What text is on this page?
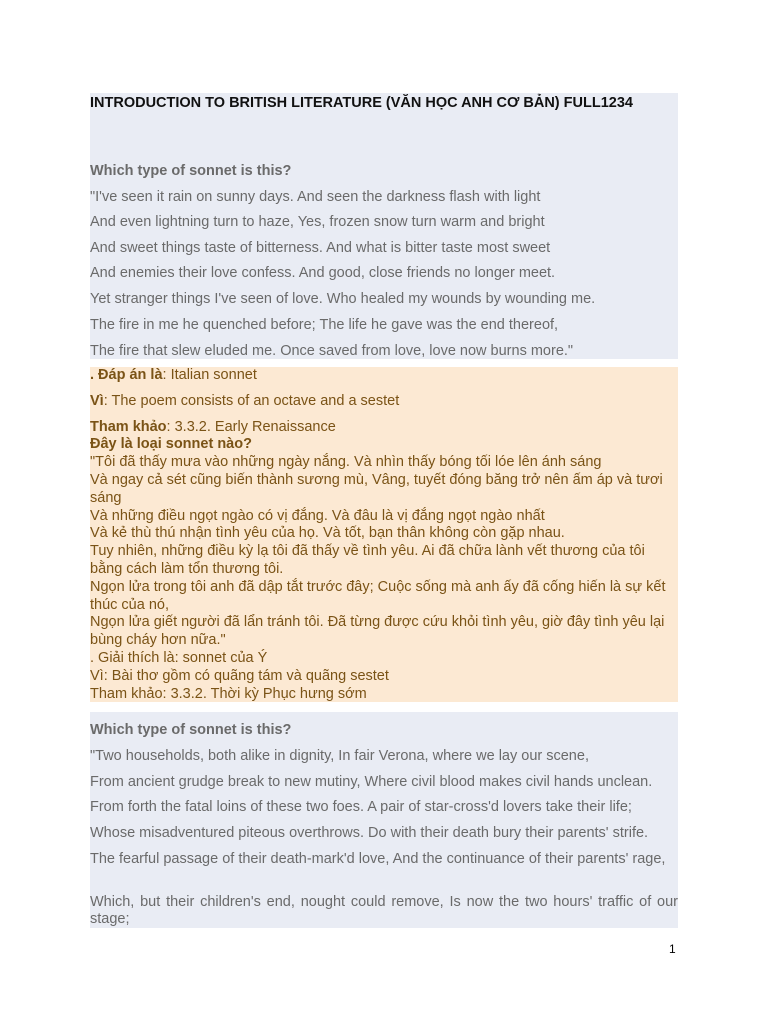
INTRODUCTION TO BRITISH LITERATURE (VĂN HỌC ANH CƠ BẢN) FULL1234
Which type of sonnet is this?
"I've seen it rain on sunny days. And seen the darkness flash with light
And even lightning turn to haze, Yes, frozen snow turn warm and bright
And sweet things taste of bitterness. And what is bitter taste most sweet
And enemies their love confess. And good, close friends no longer meet.
Yet stranger things I've seen of love. Who healed my wounds by wounding me.
The fire in me he quenched before; The life he gave was the end thereof,
The fire that slew eluded me. Once saved from love, love now burns more."
. Đáp án là: Italian sonnet
Vì: The poem consists of an octave and a sestet
Tham khảo: 3.3.2. Early Renaissance
Đây là loại sonnet nào?
"Tôi đã thấy mưa vào những ngày nắng. Và nhìn thấy bóng tối lóe lên ánh sáng
Và ngay cả sét cũng biến thành sương mù, Vâng, tuyết đóng băng trở nên ấm áp và tươi sáng
Và những điều ngọt ngào có vị đắng. Và đâu là vị đắng ngọt ngào nhất
Và kẻ thù thú nhận tình yêu của họ. Và tốt, bạn thân không còn gặp nhau.
Tuy nhiên, những điều kỳ lạ tôi đã thấy về tình yêu. Ai đã chữa lành vết thương của tôi bằng cách làm tổn thương tôi.
Ngọn lửa trong tôi anh đã dập tắt trước đây; Cuộc sống mà anh ấy đã cống hiến là sự kết thúc của nó,
Ngọn lửa giết người đã lẩn tránh tôi. Đã từng được cứu khỏi tình yêu, giờ đây tình yêu lại bùng cháy hơn nữa."
. Giải thích là: sonnet của Ý
Vì: Bài thơ gồm có quãng tám và quãng sestet
Tham khảo: 3.3.2. Thời kỳ Phục hưng sớm
Which type of sonnet is this?
"Two households, both alike in dignity, In fair Verona, where we lay our scene,
From ancient grudge break to new mutiny, Where civil blood makes civil hands unclean.
From forth the fatal loins of these two foes. A pair of star-cross'd lovers take their life;
Whose misadventured piteous overthrows. Do with their death bury their parents' strife.
The fearful passage of their death-mark'd love, And the continuance of their parents' rage,
Which, but their children's end, nought could remove, Is now the two hours' traffic of our stage;
1
